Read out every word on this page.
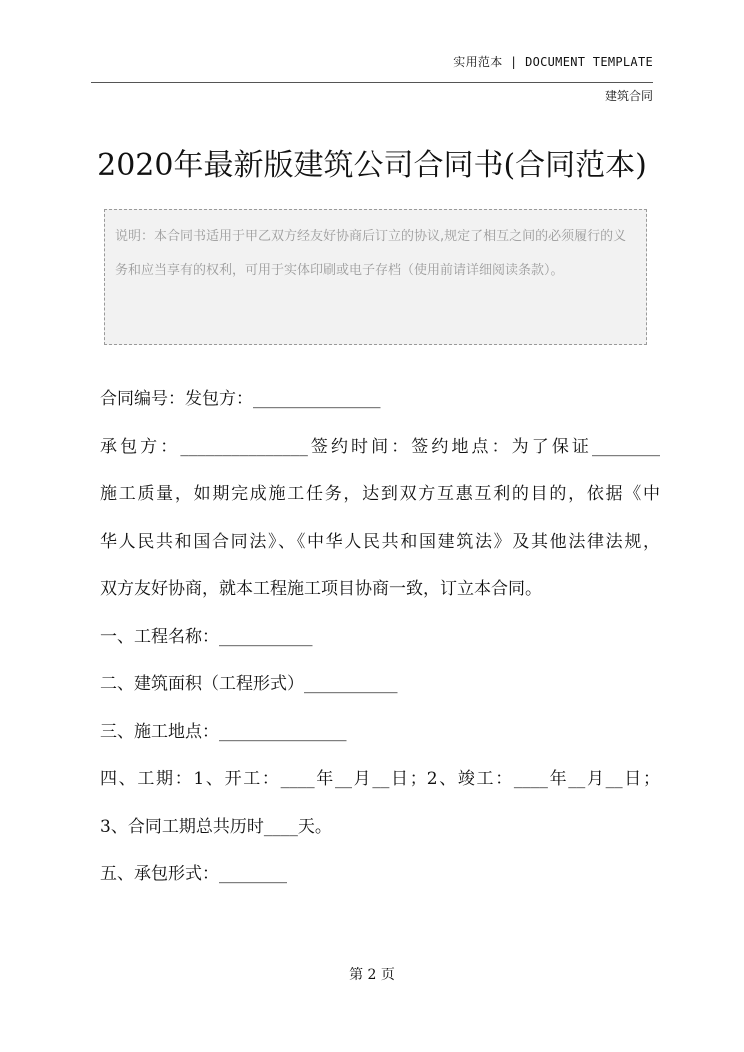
实用范本 | DOCUMENT TEMPLATE
建筑合同
2020年最新版建筑公司合同书(合同范本)
说明：本合同书适用于甲乙双方经友好协商后订立的协议,规定了相互之间的必须履行的义务和应当享有的权利，可用于实体印刷或电子存档（使用前请详细阅读条款）。

合同编号：发包方：_______________

承包方：_______________签约时间：签约地点：为了保证________

施工质量，如期完成施工任务，达到双方互惠互利的目的，依据《中

华人民共和国合同法》、《中华人民共和国建筑法》及其他法律法规，

双方友好协商，就本工程施工项目协商一致，订立本合同。

一、工程名称：___________

二、建筑面积（工程形式）___________

三、施工地点：_______________

四、工期：1、开工：____年__月__日；2、竣工：____年__月__日；

3、合同工期总共历时____天。

五、承包形式：________

第 2 页
